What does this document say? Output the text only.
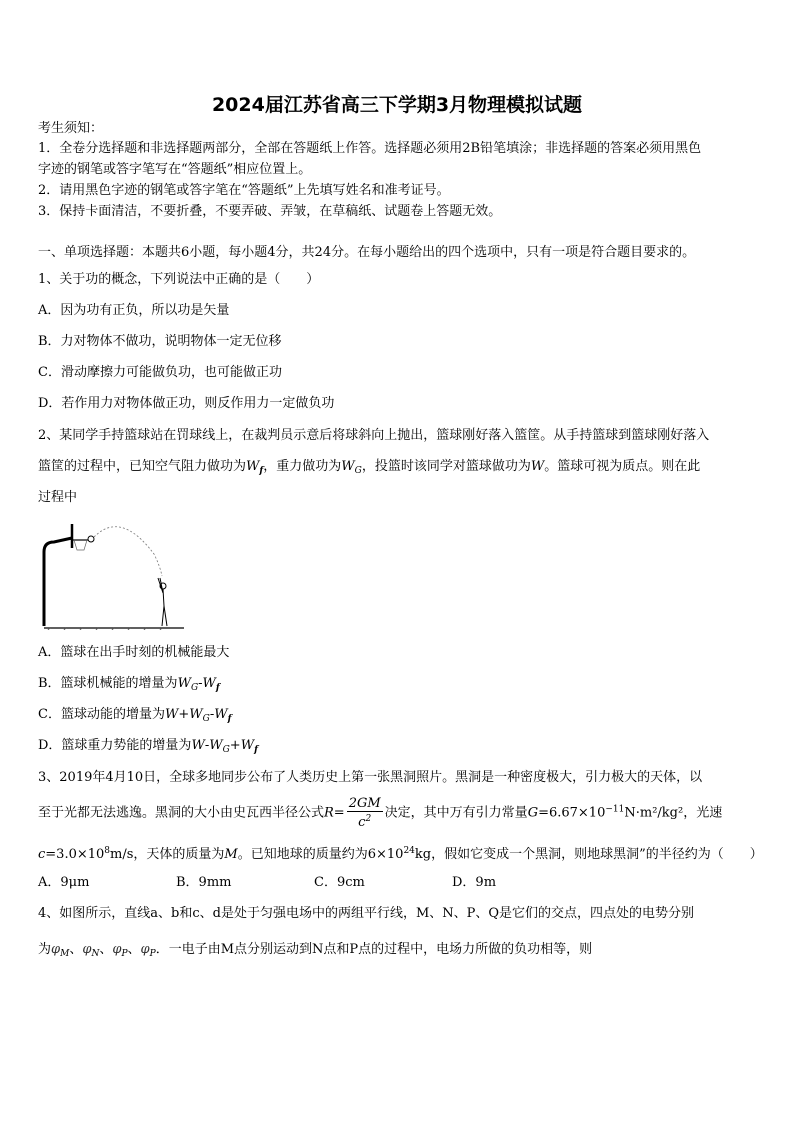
2024届江苏省高三下学期3月物理模拟试题
考生须知：
1．全卷分选择题和非选择题两部分，全部在答题纸上作答。选择题必须用2B铅笔填涂；非选择题的答案必须用黑色
字迹的钢笔或答字笔写在“答题纸”相应位置上。
2．请用黑色字迹的钢笔或答字笔在“答题纸”上先填写姓名和准考证号。
3．保持卡面清洁，不要折叠，不要弄破、弄皱，在草稿纸、试题卷上答题无效。
一、单项选择题：本题共6小题，每小题4分，共24分。在每小题给出的四个选项中，只有一项是符合题目要求的。
1、关于功的概念，下列说法中正确的是（　　）
A．因为功有正负，所以功是矢量
B．力对物体不做功，说明物体一定无位移
C．滑动摩擦力可能做负功，也可能做正功
D．若作用力对物体做正功，则反作用力一定做负功
2、某同学手持篮球站在罚球线上，在裁判员示意后将球斜向上抛出，篮球刚好落入篮筐。从手持篮球到篮球刚好落入
篮筐的过程中，已知空气阻力做功为$W_f$，重力做功为$W_G$，投篮时该同学对篮球做功为W。篮球可视为质点。则在此
过程中
A．篮球在出手时刻的机械能最大
B．篮球机械能的增量为$W_G-W_f$
C．篮球动能的增量为$W+W_G-W_f$
D．篮球重力势能的增量为$W-W_G+W_f$
3、2019年4月10日，全球多地同步公布了人类历史上第一张黑洞照片。黑洞是一种密度极大，引力极大的天体，以
至于光都无法逃逸。黑洞的大小由史瓦西半径公式$R= \frac{2GM}{c^2}$ 决定，其中万有引力常量$G=6.67\times 10^{-11}N\cdot m^2$/kg²，光速
$c=3.0\times 10^8m/s$，天体的质量为M。已知地球的质量约为$6\times 10^{24}kg$，假如它变成一个黑洞，则地球黑洞”的半径约为（　　）
A．9μm	B．9mm	C．9cm	D．9m
4、如图所示，直线a、b和c、d是处于匀强电场中的两组平行线，M、N、P、Q是它们的交点，四点处的电势分别
为$\varphi_M$、$\varphi_N$、$\varphi_P$、$\varphi_P$．一电子由M点分别运动到N点和P点的过程中，电场力所做的负功相等，则
